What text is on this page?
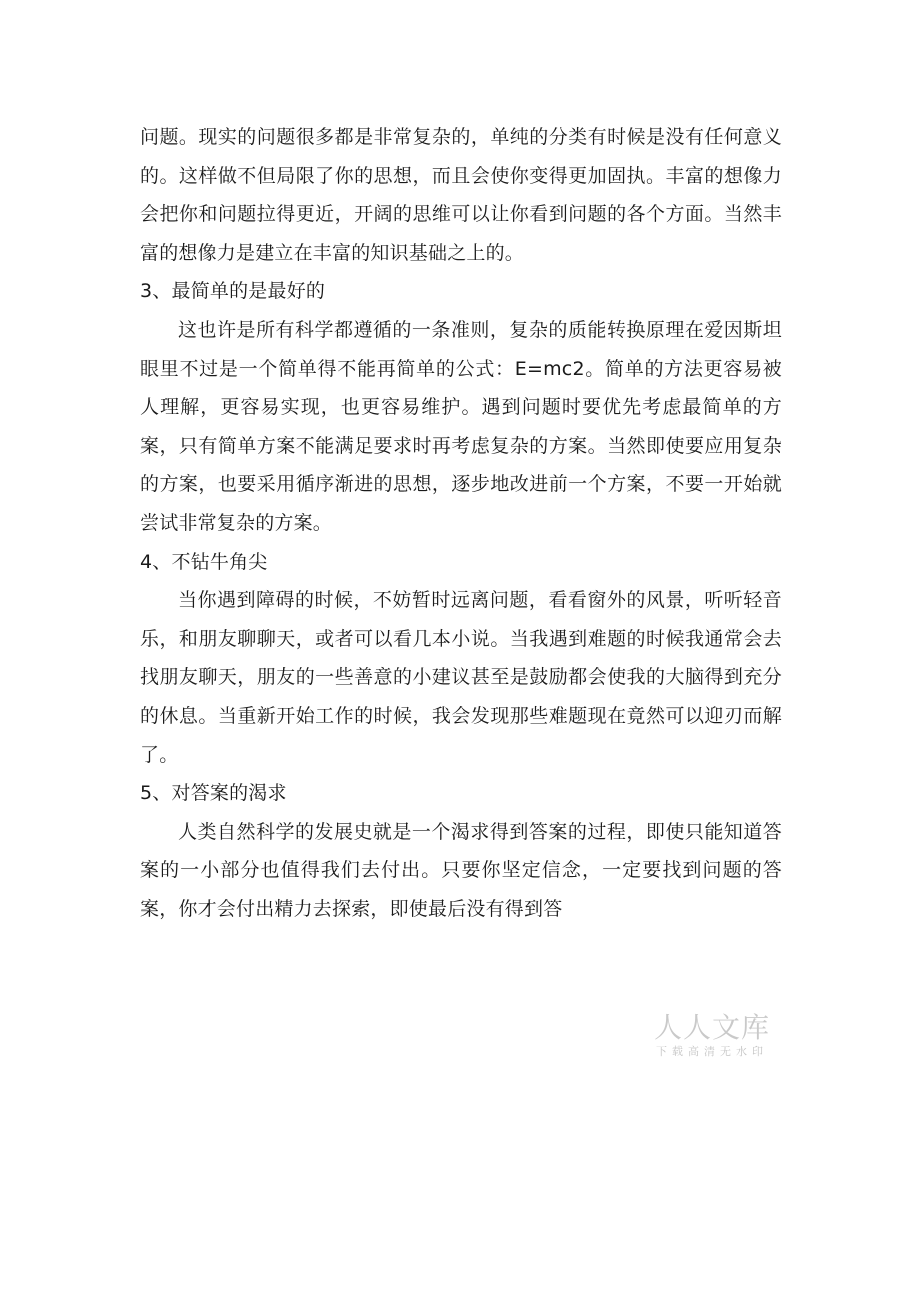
问题。现实的问题很多都是非常复杂的，单纯的分类有时候是没有任何意义的。这样做不但局限了你的思想，而且会使你变得更加固执。丰富的想像力会把你和问题拉得更近，开阔的思维可以让你看到问题的各个方面。当然丰富的想像力是建立在丰富的知识基础之上的。

3、最简单的是最好的

这也许是所有科学都遵循的一条准则，复杂的质能转换原理在爱因斯坦眼里不过是一个简单得不能再简单的公式：E=mc2。简单的方法更容易被人理解，更容易实现，也更容易维护。遇到问题时要优先考虑最简单的方案，只有简单方案不能满足要求时再考虑复杂的方案。当然即使要应用复杂的方案，也要采用循序渐进的思想，逐步地改进前一个方案，不要一开始就尝试非常复杂的方案。

4、不钻牛角尖

当你遇到障碍的时候，不妨暂时远离问题，看看窗外的风景，听听轻音乐，和朋友聊聊天，或者可以看几本小说。当我遇到难题的时候我通常会去找朋友聊天，朋友的一些善意的小建议甚至是鼓励都会使我的大脑得到充分的休息。当重新开始工作的时候，我会发现那些难题现在竟然可以迎刃而解了。

5、对答案的渴求

人类自然科学的发展史就是一个渴求得到答案的过程，即使只能知道答案的一小部分也值得我们去付出。只要你坚定信念，一定要找到问题的答案，你才会付出精力去探索，即使最后没有得到答

人人文库
下载高清无水印
